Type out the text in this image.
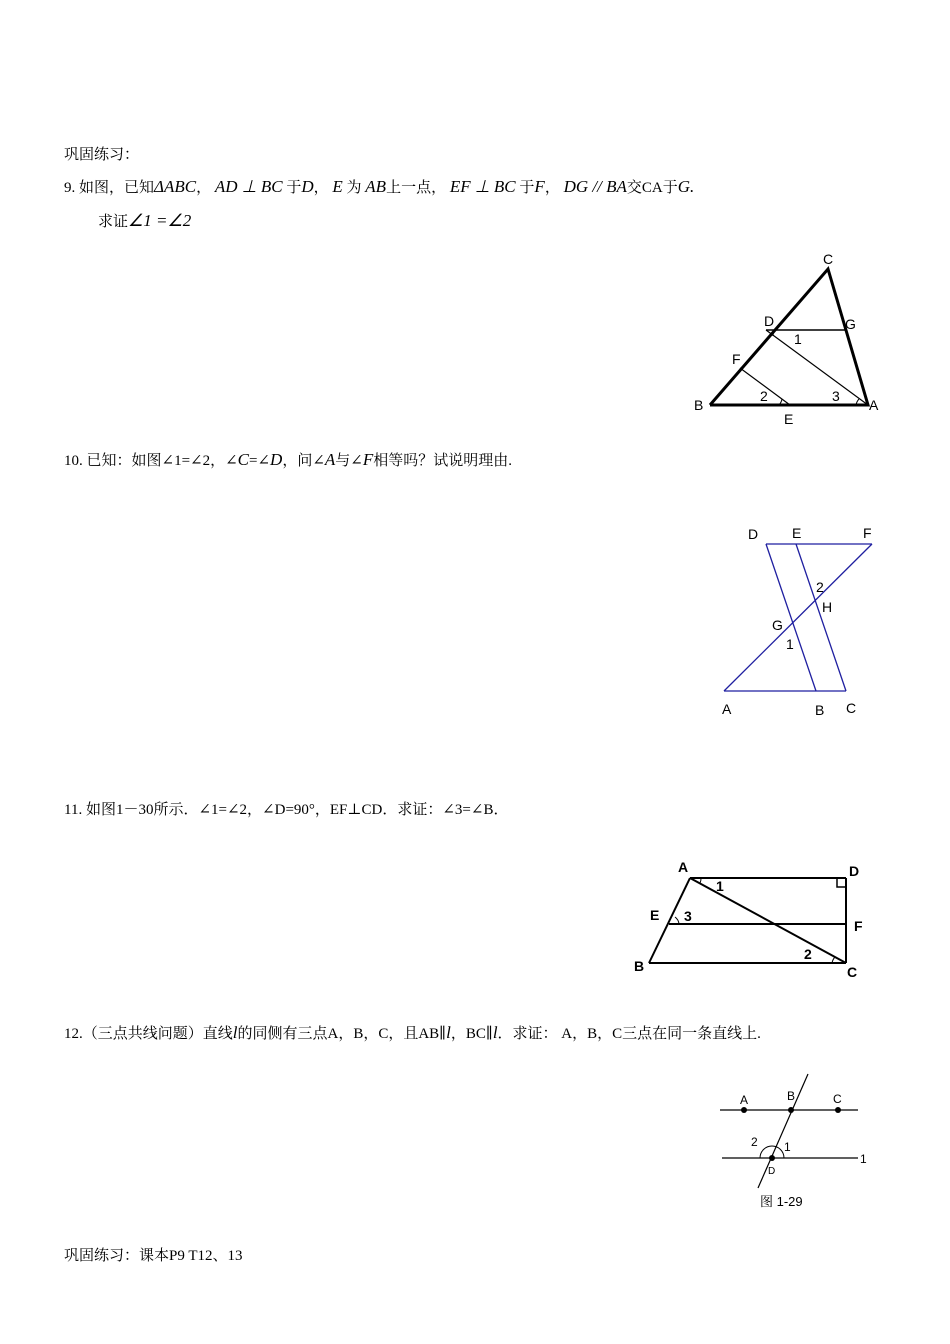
巩固练习：
9. 如图，已知ΔABC， AD ⊥ BC 于D， E 为 AB上一点， EF ⊥ BC 于F， DG // BA交CA于G.
求证∠1 =∠2
C
D	G
1
F
2	3
B	A
E
10. 已知：如图∠1=∠2，∠C=∠D，问∠A与∠F相等吗？试说明理由.
D E	F
2
H
G
1
A	B C
11. 如图1－30所示．∠1=∠2，∠D=90°，EF⊥CD．求证：∠3=∠B．
A	D
1
E 3
F
2
B	C
12.（三点共线问题）直线l的同侧有三点A，B，C，且AB∥l，BC∥l．求证： A，B，C三点在同一条直线上.
A	B	C
2 1
1
D
图 1-29
巩固练习：课本P9 T12、13
